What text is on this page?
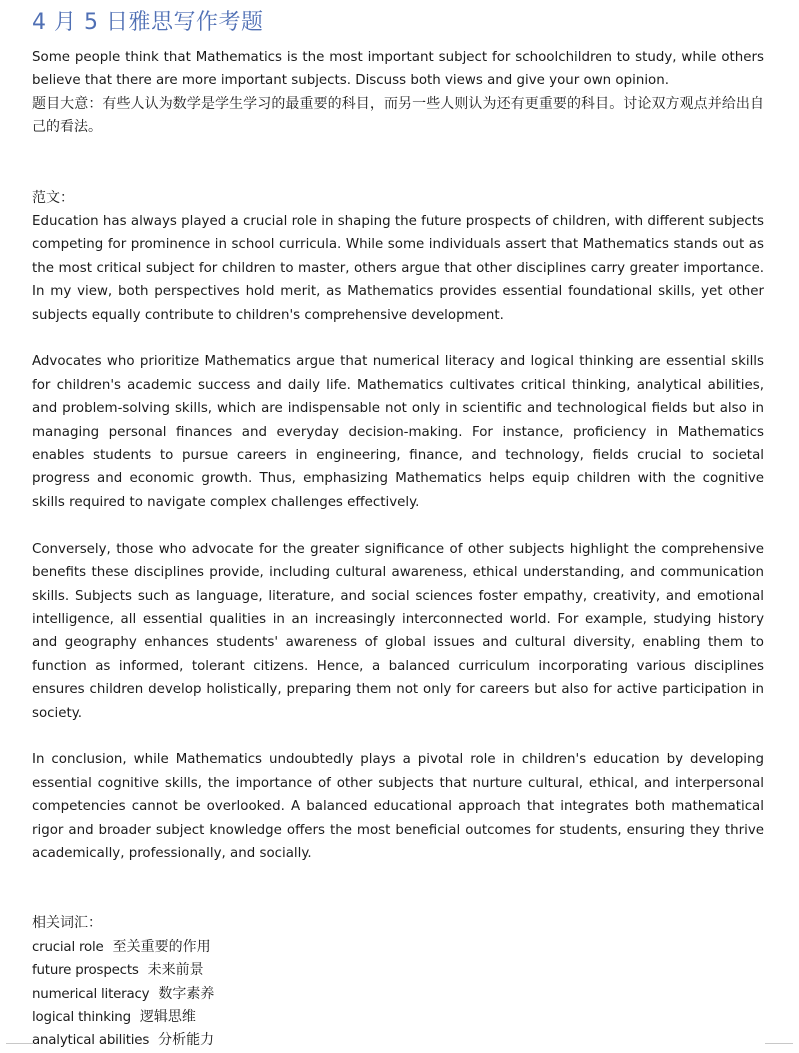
4 月 5 日雅思写作考题

Some people think that Mathematics is the most important subject for schoolchildren to study, while others believe that there are more important subjects. Discuss both views and give your own opinion.

题目大意：有些人认为数学是学生学习的最重要的科目，而另一些人则认为还有更重要的科目。讨论双方观点并给出自己的看法。

范文：

Education has always played a crucial role in shaping the future prospects of children, with different subjects competing for prominence in school curricula. While some individuals assert that Mathematics stands out as the most critical subject for children to master, others argue that other disciplines carry greater importance. In my view, both perspectives hold merit, as Mathematics provides essential foundational skills, yet other subjects equally contribute to children's comprehensive development.

Advocates who prioritize Mathematics argue that numerical literacy and logical thinking are essential skills for children's academic success and daily life. Mathematics cultivates critical thinking, analytical abilities, and problem-solving skills, which are indispensable not only in scientific and technological fields but also in managing personal finances and everyday decision-making. For instance, proficiency in Mathematics enables students to pursue careers in engineering, finance, and technology, fields crucial to societal progress and economic growth. Thus, emphasizing Mathematics helps equip children with the cognitive skills required to navigate complex challenges effectively.

Conversely, those who advocate for the greater significance of other subjects highlight the comprehensive benefits these disciplines provide, including cultural awareness, ethical understanding, and communication skills. Subjects such as language, literature, and social sciences foster empathy, creativity, and emotional intelligence, all essential qualities in an increasingly interconnected world. For example, studying history and geography enhances students' awareness of global issues and cultural diversity, enabling them to function as informed, tolerant citizens. Hence, a balanced curriculum incorporating various disciplines ensures children develop holistically, preparing them not only for careers but also for active participation in society.

In conclusion, while Mathematics undoubtedly plays a pivotal role in children's education by developing essential cognitive skills, the importance of other subjects that nurture cultural, ethical, and interpersonal competencies cannot be overlooked. A balanced educational approach that integrates both mathematical rigor and broader subject knowledge offers the most beneficial outcomes for students, ensuring they thrive academically, professionally, and socially.

相关词汇：

crucial role 至关重要的作用
future prospects 未来前景
numerical literacy 数字素养
logical thinking 逻辑思维
analytical abilities 分析能力
